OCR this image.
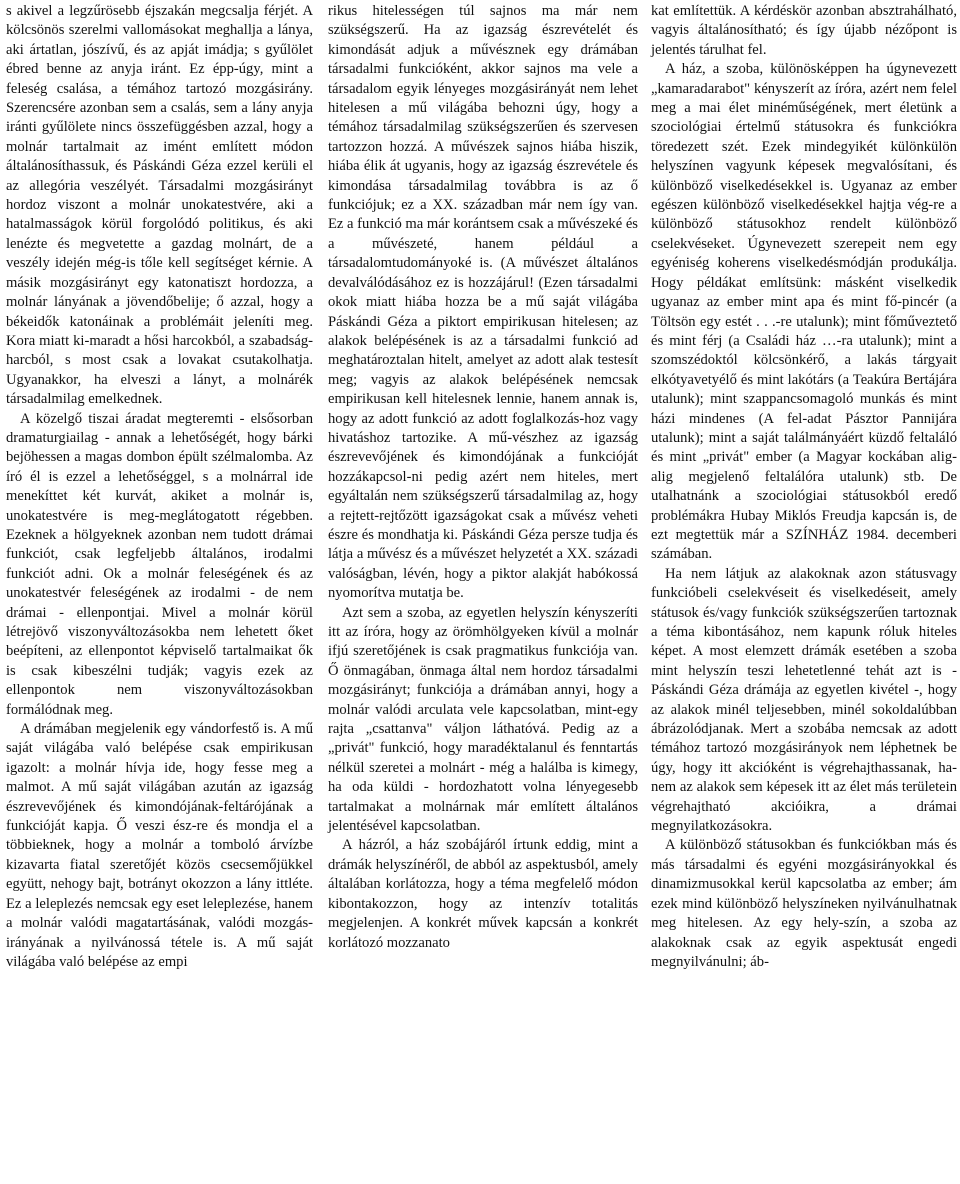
s akivel a legzűrösebb éjszakán megcsalja férjét. A kölcsönös szerelmi vallomásokat meghallja a lánya, aki ártatlan, jószívű, és az apját imádja; s gyűlölet ébred benne az anyja iránt. Ez épp-úgy, mint a feleség csalása, a témához tartozó mozgásirány. Szerencsére azonban sem a csalás, sem a lány anyja iránti gyűlölete nincs összefüggésben azzal, hogy a molnár tartalmait az imént említett módon általánosíthassuk, és Páskándi Géza ezzel kerüli el az allegória veszélyét. Társadalmi mozgásirányt hordoz viszont a molnár unokatestvére, aki a hatalmasságok körül forgolódó politikus, és aki lenézte és megvetette a gazdag molnárt, de a veszély idején még-is tőle kell segítséget kérnie. A másik mozgásirányt egy katonatiszt hordozza, a molnár lányának a jövendőbelije; ő azzal, hogy a békeidők katonáinak a problémáit jeleníti meg. Kora miatt ki-maradt a hősi harcokból, a szabadság-harcból, s most csak a lovakat csutakolhatja. Ugyanakkor, ha elveszi a lányt, a molnárék társadalmilag emelkednek.

A közelgő tiszai áradat megteremti - elsősorban dramaturgiailag - annak a lehetőségét, hogy bárki bejöhessen a magas dombon épült szélmalomba. Az író él is ezzel a lehetőséggel, s a molnárral ide menekíttet két kurvát, akiket a molnár is, unokatestvére is meg-meglátogatott régebben. Ezeknek a hölgyeknek azonban nem tudott drámai funkciót, csak legfeljebb általános, irodalmi funkciót adni. Ok a molnár feleségének és az unokatestvér feleségének az irodalmi - de nem drámai - ellenpontjai. Mivel a molnár körül létrejövő viszonyváltozásokba nem lehetett őket beépíteni, az ellenpontot képviselő tartalmaikat ők is csak kibeszélni tudják; vagyis ezek az ellenpontok nem viszonyváltozásokban formálódnak meg.

A drámában megjelenik egy vándorfestő is. A mű saját világába való belépése csak empirikusan igazolt: a molnár hívja ide, hogy fesse meg a malmot. A mű saját világában azután az igazság észrevevőjének és kimondójának-feltárójának a funkcióját kapja. Ő veszi ész-re és mondja el a többieknek, hogy a molnár a tomboló árvízbe kizavarta fiatal szeretőjét közös csecsemőjükkel együtt, nehogy bajt, botrányt okozzon a lány ittléte. Ez a leleplezés nemcsak egy eset leleplezése, hanem a molnár valódi magatartásának, valódi mozgás-irányának a nyilvánossá tétele is. A mű saját világába való belépése az empi

rikus hitelességen túl sajnos ma már nem szükségszerű. Ha az igazság észrevételét és kimondását adjuk a művésznek egy drámában társadalmi funkcióként, akkor sajnos ma vele a társadalom egyik lényeges mozgásirányát nem lehet hitelesen a mű világába behozni úgy, hogy a témához társadalmilag szükségszerűen és szervesen tartozzon hozzá. A művészek sajnos hiába hiszik, hiába élik át ugyanis, hogy az igazság észrevétele és kimondása társadalmilag továbbra is az ő funkciójuk; ez a XX. században már nem így van. Ez a funkció ma már korántsem csak a művészeké és a művészeté, hanem például a társadalomtudományoké is. (A művészet általános devalválódásához ez is hozzájárul! (Ezen társadalmi okok miatt hiába hozza be a mű saját világába Páskándi Géza a piktort empirikusan hitelesen; az alakok belépésének is az a társadalmi funkció ad meghatároztalan hitelt, amelyet az adott alak testesít meg; vagyis az alakok belépésének nemcsak empirikusan kell hitelesnek lennie, hanem annak is, hogy az adott funkció az adott foglalkozás-hoz vagy hivatáshoz tartozike. A mű-vészhez az igazság észrevevőjének és kimondójának a funkcióját hozzákapcsol-ni pedig azért nem hiteles, mert egyáltalán nem szükségszerű társadalmilag az, hogy a rejtett-rejtőzött igazságokat csak a művész veheti észre és mondhatja ki. Páskándi Géza persze tudja és látja a művész és a művészet helyzetét a XX. századi valóságban, lévén, hogy a piktor alakját habókossá nyomorítva mutatja be.

Azt sem a szoba, az egyetlen helyszín kényszeríti itt az íróra, hogy az örömhölgyeken kívül a molnár ifjú szeretőjének is csak pragmatikus funkciója van. Ő önmagában, önmaga által nem hordoz társadalmi mozgásirányt; funkciója a drámában annyi, hogy a molnár valódi arculata vele kapcsolatban, mint-egy rajta „csattanva" váljon láthatóvá. Pedig az a „privát" funkció, hogy maradéktalanul és fenntartás nélkül szeretei a molnárt - még a halálba is kimegy, ha oda küldi - hordozhatott volna lényegesebb tartalmakat a molnárnak már említett általános jelentésével kapcsolatban.

A házról, a ház szobájáról írtunk eddig, mint a drámák helyszínéről, de abból az aspektusból, amely általában korlátozza, hogy a téma megfelelő módon kibontakozzon, hogy az intenzív totalitás megjelenjen. A konkrét művek kapcsán a konkrét korlátozó mozzanato

kat említettük. A kérdéskör azonban absztrahálható, vagyis általánosítható; és így újabb nézőpont is jelentés tárulhat fel.

A ház, a szoba, különösképpen ha úgynevezett „kamaradarabot" kényszerít az íróra, azért nem felel meg a mai élet minéműségének, mert életünk a szociológiai értelmű státusokra és funkciókra töredezett szét. Ezek mindegyikét különkülön helyszínen vagyunk képesek megvalósítani, és különböző viselkedésekkel is. Ugyanaz az ember egészen különböző viselkedésekkel hajtja vég-re a különböző státusokhoz rendelt különböző cselekvéseket. Úgynevezett szerepeit nem egy egyéniség koherens viselkedésmódján produkálja. Hogy példákat említsünk: másként viselkedik ugyanaz az ember mint apa és mint fő-pincér (a Töltsön egy estét . . .-re utalunk); mint főműveztető és mint férj (a Családi ház …-ra utalunk); mint a szomszédoktól kölcsönkérő, a lakás tárgyait elkótyavetyélő és mint lakótárs (a Teakúra Bertájára utalunk); mint szappancsomagoló munkás és mint házi mindenes (A fel-adat Pásztor Pannijára utalunk); mint a saját találmányáért küzdő feltaláló és mint „privát" ember (a Magyar kockában alig-alig megjelenő feltalálóra utalunk) stb. De utalhatnánk a szociológiai státusokból eredő problémákra Hubay Miklós Freudja kapcsán is, de ezt megtettük már a SZÍNHÁZ 1984. decemberi számában.

Ha nem látjuk az alakoknak azon státusvagy funkcióbeli cselekvéseit és viselkedéseit, amely státusok és/vagy funkciók szükségszerűen tartoznak a téma kibontásához, nem kapunk róluk hiteles képet. A most elemzett drámák esetében a szoba mint helyszín teszi lehetetlenné tehát azt is - Páskándi Géza drámája az egyetlen kivétel -, hogy az alakok minél teljesebben, minél sokoldalúbban ábrázolódjanak. Mert a szobába nemcsak az adott témához tartozó mozgásirányok nem léphetnek be úgy, hogy itt akcióként is végrehajthassanak, ha-nem az alakok sem képesek itt az élet más területein végrehajtható akcióikra, a drámai megnyilatkozásokra.

A különböző státusokban és funkciókban más és más társadalmi és egyéni mozgásirányokkal és dinamizmusokkal kerül kapcsolatba az ember; ám ezek mind különböző helyszíneken nyilvánulhatnak meg hitelesen. Az egy hely-szín, a szoba az alakoknak csak az egyik aspektusát engedi megnyilvánulni; áb-
